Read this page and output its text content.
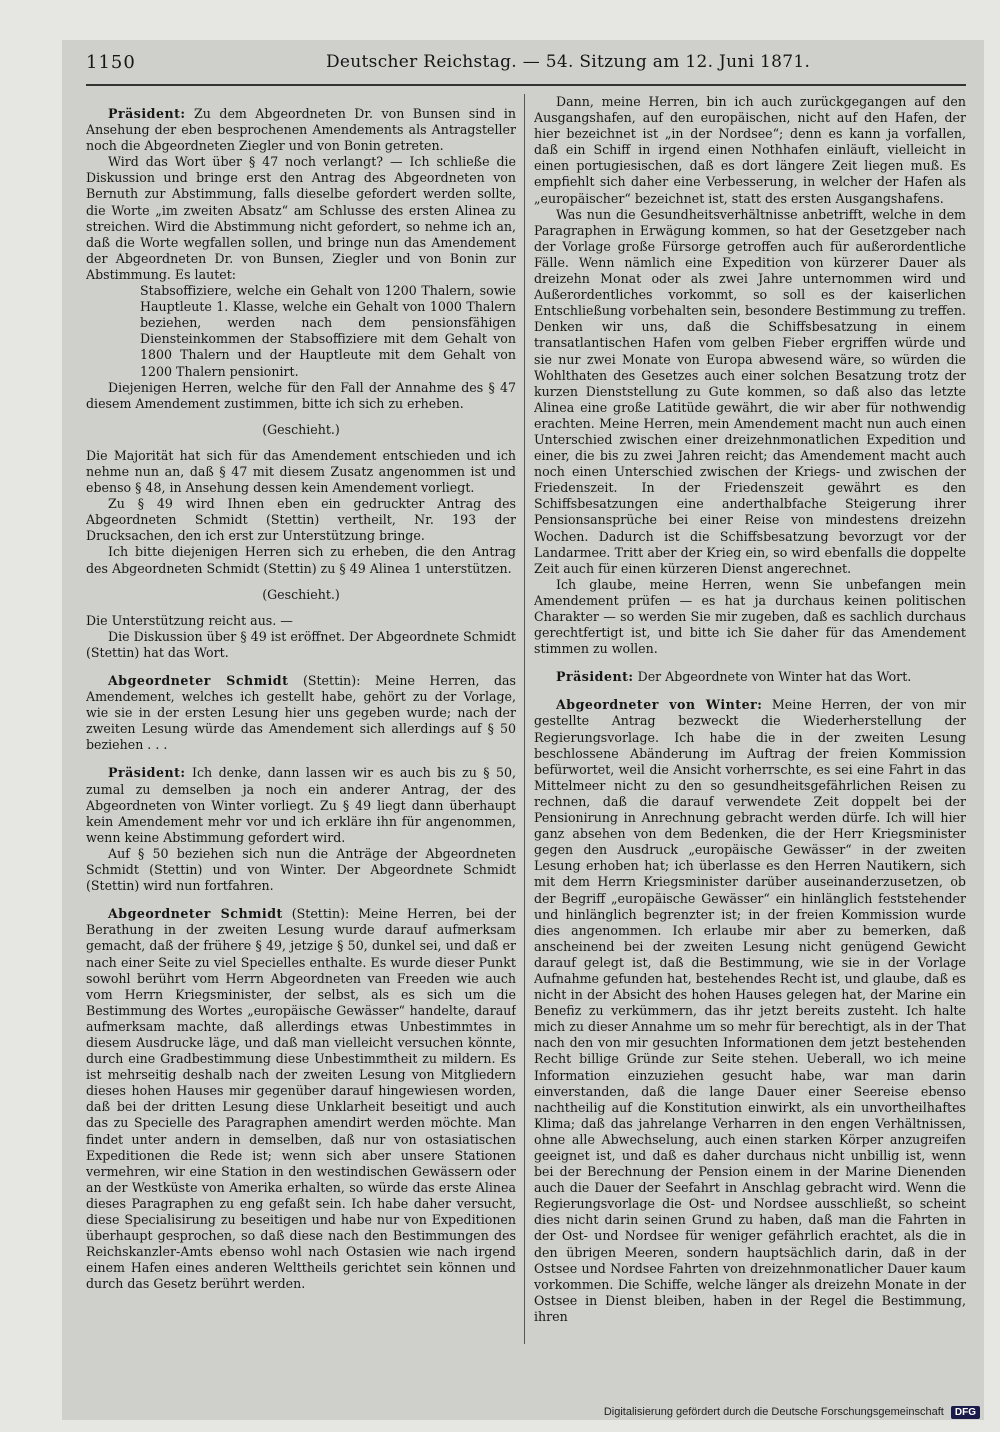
1150	Deutscher Reichstag. — 54. Sitzung am 12. Juni 1871.

Präsident: Zu dem Abgeordneten Dr. von Bunsen sind in Ansehung der eben besprochenen Amendements als Antragsteller noch die Abgeordneten Ziegler und von Bonin getreten.

Wird das Wort über § 47 noch verlangt? — Ich schließe die Diskussion und bringe erst den Antrag des Abgeordneten von Bernuth zur Abstimmung, falls dieselbe gefordert werden sollte, die Worte „im zweiten Absatz“ am Schlusse des ersten Alinea zu streichen. Wird die Abstimmung nicht gefordert, so nehme ich an, daß die Worte wegfallen sollen, und bringe nun das Amendement der Abgeordneten Dr. von Bunsen, Ziegler und von Bonin zur Abstimmung. Es lautet:

Stabsoffiziere, welche ein Gehalt von 1200 Thalern, sowie Hauptleute 1. Klasse, welche ein Gehalt von 1000 Thalern beziehen, werden nach dem pensionsfähigen Diensteinkommen der Stabsoffiziere mit dem Gehalt von 1800 Thalern und der Hauptleute mit dem Gehalt von 1200 Thalern pensionirt.

Diejenigen Herren, welche für den Fall der Annahme des § 47 diesem Amendement zustimmen, bitte ich sich zu erheben.

(Geschieht.)

Die Majorität hat sich für das Amendement entschieden und ich nehme nun an, daß § 47 mit diesem Zusatz angenommen ist und ebenso § 48, in Ansehung dessen kein Amendement vorliegt.

Zu § 49 wird Ihnen eben ein gedruckter Antrag des Abgeordneten Schmidt (Stettin) vertheilt, Nr. 193 der Drucksachen, den ich erst zur Unterstützung bringe.

Ich bitte diejenigen Herren sich zu erheben, die den Antrag des Abgeordneten Schmidt (Stettin) zu § 49 Alinea 1 unterstützen.

(Geschieht.)

Die Unterstützung reicht aus. —

Die Diskussion über § 49 ist eröffnet. Der Abgeordnete Schmidt (Stettin) hat das Wort.

Abgeordneter Schmidt (Stettin): Meine Herren, das Amendement, welches ich gestellt habe, gehört zu der Vorlage, wie sie in der ersten Lesung hier uns gegeben wurde; nach der zweiten Lesung würde das Amendement sich allerdings auf § 50 beziehen . . .

Präsident: Ich denke, dann lassen wir es auch bis zu § 50, zumal zu demselben ja noch ein anderer Antrag, der des Abgeordneten von Winter vorliegt. Zu § 49 liegt dann überhaupt kein Amendement mehr vor und ich erkläre ihn für angenommen, wenn keine Abstimmung gefordert wird.

Auf § 50 beziehen sich nun die Anträge der Abgeordneten Schmidt (Stettin) und von Winter. Der Abgeordnete Schmidt (Stettin) wird nun fortfahren.

Abgeordneter Schmidt (Stettin): Meine Herren, bei der Berathung in der zweiten Lesung wurde darauf aufmerksam gemacht, daß der frühere § 49, jetzige § 50, dunkel sei, und daß er nach einer Seite zu viel Specielles enthalte. Es wurde dieser Punkt sowohl berührt vom Herrn Abgeordneten van Freeden wie auch vom Herrn Kriegsminister, der selbst, als es sich um die Bestimmung des Wortes „europäische Gewässer“ handelte, darauf aufmerksam machte, daß allerdings etwas Unbestimmtes in diesem Ausdrucke läge, und daß man vielleicht versuchen könnte, durch eine Gradbestimmung diese Unbestimmtheit zu mildern. Es ist mehrseitig deshalb nach der zweiten Lesung von Mitgliedern dieses hohen Hauses mir gegenüber darauf hingewiesen worden, daß bei der dritten Lesung diese Unklarheit beseitigt und auch das zu Specielle des Paragraphen amendirt werden möchte. Man findet unter andern in demselben, daß nur von ostasiatischen Expeditionen die Rede ist; wenn sich aber unsere Stationen vermehren, wir eine Station in den westindischen Gewässern oder an der Westküste von Amerika erhalten, so würde das erste Alinea dieses Paragraphen zu eng gefaßt sein. Ich habe daher versucht, diese Specialisirung zu beseitigen und habe nur von Expeditionen überhaupt gesprochen, so daß diese nach den Bestimmungen des Reichskanzler-Amts ebenso wohl nach Ostasien wie nach irgend einem Hafen eines anderen Welttheils gerichtet sein können und durch das Gesetz berührt werden.

Dann, meine Herren, bin ich auch zurückgegangen auf den Ausgangshafen, auf den europäischen, nicht auf den Hafen, der hier bezeichnet ist „in der Nordsee“; denn es kann ja vorfallen, daß ein Schiff in irgend einen Nothhafen einläuft, vielleicht in einen portugiesischen, daß es dort längere Zeit liegen muß. Es empfiehlt sich daher eine Verbesserung, in welcher der Hafen als „europäischer“ bezeichnet ist, statt des ersten Ausgangshafens.

Was nun die Gesundheitsverhältnisse anbetrifft, welche in dem Paragraphen in Erwägung kommen, so hat der Gesetzgeber nach der Vorlage große Fürsorge getroffen auch für außerordentliche Fälle. Wenn nämlich eine Expedition von kürzerer Dauer als dreizehn Monat oder als zwei Jahre unternommen wird und Außerordentliches vorkommt, so soll es der kaiserlichen Entschließung vorbehalten sein, besondere Bestimmung zu treffen. Denken wir uns, daß die Schiffsbesatzung in einem transatlantischen Hafen vom gelben Fieber ergriffen würde und sie nur zwei Monate von Europa abwesend wäre, so würden die Wohlthaten des Gesetzes auch einer solchen Besatzung trotz der kurzen Dienststellung zu Gute kommen, so daß also das letzte Alinea eine große Latitüde gewährt, die wir aber für nothwendig erachten. Meine Herren, mein Amendement macht nun auch einen Unterschied zwischen einer dreizehnmonatlichen Expedition und einer, die bis zu zwei Jahren reicht; das Amendement macht auch noch einen Unterschied zwischen der Kriegs- und zwischen der Friedenszeit. In der Friedenszeit gewährt es den Schiffsbesatzungen eine anderthalbfache Steigerung ihrer Pensionsansprüche bei einer Reise von mindestens dreizehn Wochen. Dadurch ist die Schiffsbesatzung bevorzugt vor der Landarmee. Tritt aber der Krieg ein, so wird ebenfalls die doppelte Zeit auch für einen kürzeren Dienst angerechnet.

Ich glaube, meine Herren, wenn Sie unbefangen mein Amendement prüfen — es hat ja durchaus keinen politischen Charakter — so werden Sie mir zugeben, daß es sachlich durchaus gerechtfertigt ist, und bitte ich Sie daher für das Amendement stimmen zu wollen.

Präsident: Der Abgeordnete von Winter hat das Wort.

Abgeordneter von Winter: Meine Herren, der von mir gestellte Antrag bezweckt die Wiederherstellung der Regierungsvorlage. Ich habe die in der zweiten Lesung beschlossene Abänderung im Auftrag der freien Kommission befürwortet, weil die Ansicht vorherrschte, es sei eine Fahrt in das Mittelmeer nicht zu den so gesundheitsgefährlichen Reisen zu rechnen, daß die darauf verwendete Zeit doppelt bei der Pensionirung in Anrechnung gebracht werden dürfe. Ich will hier ganz absehen von dem Bedenken, die der Herr Kriegsminister gegen den Ausdruck „europäische Gewässer“ in der zweiten Lesung erhoben hat; ich überlasse es den Herren Nautikern, sich mit dem Herrn Kriegsminister darüber auseinanderzusetzen, ob der Begriff „europäische Gewässer“ ein hinlänglich feststehender und hinlänglich begrenzter ist; in der freien Kommission wurde dies angenommen. Ich erlaube mir aber zu bemerken, daß anscheinend bei der zweiten Lesung nicht genügend Gewicht darauf gelegt ist, daß die Bestimmung, wie sie in der Vorlage Aufnahme gefunden hat, bestehendes Recht ist, und glaube, daß es nicht in der Absicht des hohen Hauses gelegen hat, der Marine ein Benefiz zu verkümmern, das ihr jetzt bereits zusteht. Ich halte mich zu dieser Annahme um so mehr für berechtigt, als in der That nach den von mir gesuchten Informationen dem jetzt bestehenden Recht billige Gründe zur Seite stehen. Ueberall, wo ich meine Information einzuziehen gesucht habe, war man darin einverstanden, daß die lange Dauer einer Seereise ebenso nachtheilig auf die Konstitution einwirkt, als ein unvortheilhaftes Klima; daß das jahrelange Verharren in den engen Verhältnissen, ohne alle Abwechselung, auch einen starken Körper anzugreifen geeignet ist, und daß es daher durchaus nicht unbillig ist, wenn bei der Berechnung der Pension einem in der Marine Dienenden auch die Dauer der Seefahrt in Anschlag gebracht wird. Wenn die Regierungsvorlage die Ost- und Nordsee ausschließt, so scheint dies nicht darin seinen Grund zu haben, daß man die Fahrten in der Ost- und Nordsee für weniger gefährlich erachtet, als die in den übrigen Meeren, sondern hauptsächlich darin, daß in der Ostsee und Nordsee Fahrten von dreizehnmonatlicher Dauer kaum vorkommen. Die Schiffe, welche länger als dreizehn Monate in der Ostsee in Dienst bleiben, haben in der Regel die Bestimmung, ihren

Digitalisierung gefördert durch die Deutsche Forschungsgemeinschaft DFG
